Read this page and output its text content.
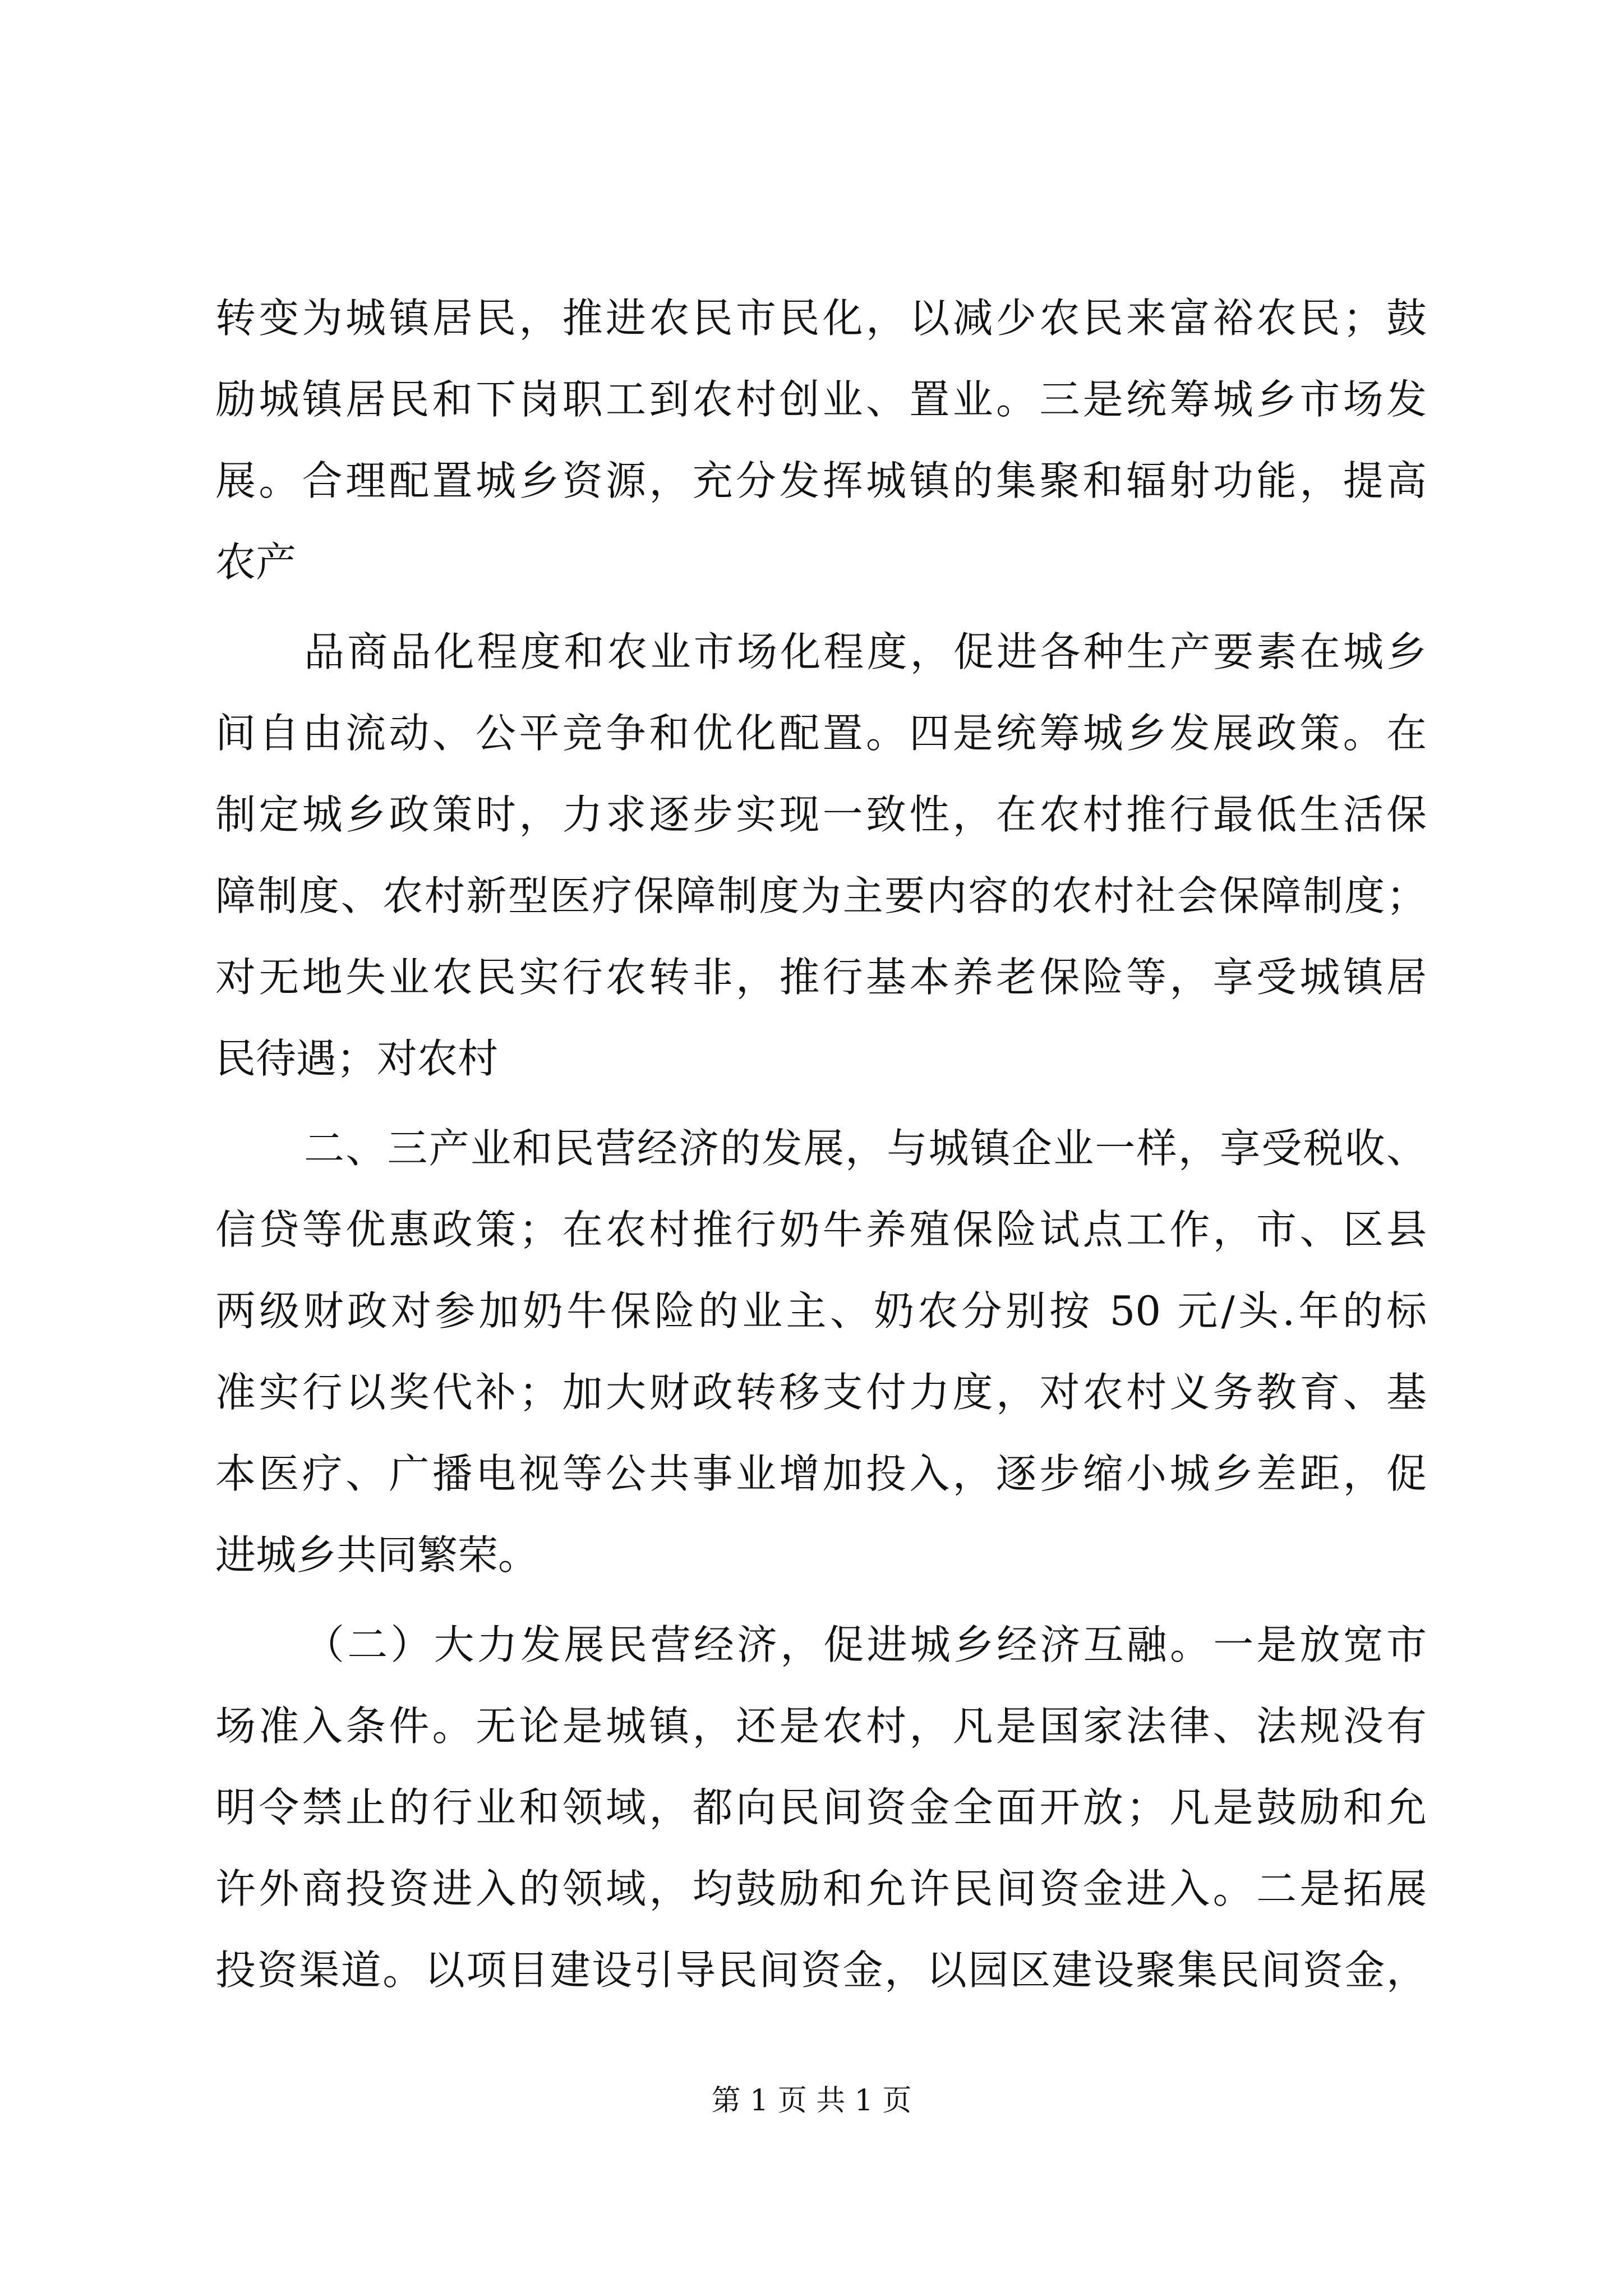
转变为城镇居民，推进农民市民化，以减少农民来富裕农民；鼓
励城镇居民和下岗职工到农村创业、置业。三是统筹城乡市场发
展。合理配置城乡资源，充分发挥城镇的集聚和辐射功能，提高
农产
品商品化程度和农业市场化程度，促进各种生产要素在城乡
间自由流动、公平竞争和优化配置。四是统筹城乡发展政策。在
制定城乡政策时，力求逐步实现一致性，在农村推行最低生活保
障制度、农村新型医疗保障制度为主要内容的农村社会保障制度；
对无地失业农民实行农转非，推行基本养老保险等，享受城镇居
民待遇；对农村
二、三产业和民营经济的发展，与城镇企业一样，享受税收、
信贷等优惠政策；在农村推行奶牛养殖保险试点工作，市、区县
两级财政对参加奶牛保险的业主、奶农分别按 50 元/头.年的标
准实行以奖代补；加大财政转移支付力度，对农村义务教育、基
本医疗、广播电视等公共事业增加投入，逐步缩小城乡差距，促
进城乡共同繁荣。
（二）大力发展民营经济，促进城乡经济互融。一是放宽市
场准入条件。无论是城镇，还是农村，凡是国家法律、法规没有
明令禁止的行业和领域，都向民间资金全面开放；凡是鼓励和允
许外商投资进入的领域，均鼓励和允许民间资金进入。二是拓展
投资渠道。以项目建设引导民间资金，以园区建设聚集民间资金，
第 1 页 共 1 页
